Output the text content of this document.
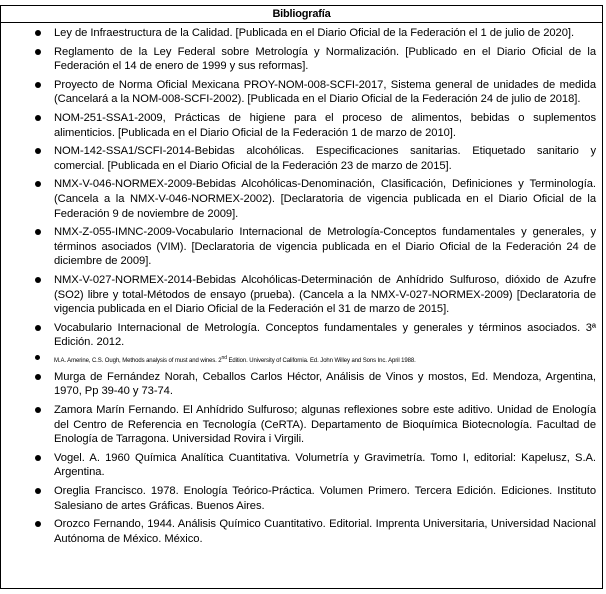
Bibliografía
Ley de Infraestructura de la Calidad. [Publicada en el Diario Oficial de la Federación el 1 de julio de 2020].
Reglamento de la Ley Federal sobre Metrología y Normalización. [Publicado en el Diario Oficial de la Federación el 14 de enero de 1999 y sus reformas].
Proyecto de Norma Oficial Mexicana PROY-NOM-008-SCFI-2017, Sistema general de unidades de medida (Cancelará a la NOM-008-SCFI-2002). [Publicada en el Diario Oficial de la Federación 24 de julio de 2018].
NOM-251-SSA1-2009, Prácticas de higiene para el proceso de alimentos, bebidas o suplementos alimenticios. [Publicada en el Diario Oficial de la Federación 1 de marzo de 2010].
NOM-142-SSA1/SCFI-2014-Bebidas alcohólicas. Especificaciones sanitarias. Etiquetado sanitario y comercial. [Publicada en el Diario Oficial de la Federación 23 de marzo de 2015].
NMX-V-046-NORMEX-2009-Bebidas Alcohólicas-Denominación, Clasificación, Definiciones y Terminología. (Cancela a la NMX-V-046-NORMEX-2002). [Declaratoria de vigencia publicada en el Diario Oficial de la Federación 9 de noviembre de 2009].
NMX-Z-055-IMNC-2009-Vocabulario Internacional de Metrología-Conceptos fundamentales y generales, y términos asociados (VIM). [Declaratoria de vigencia publicada en el Diario Oficial de la Federación 24 de diciembre de 2009].
NMX-V-027-NORMEX-2014-Bebidas Alcohólicas-Determinación de Anhídrido Sulfuroso, dióxido de Azufre (SO2) libre y total-Métodos de ensayo (prueba). (Cancela a la NMX-V-027-NORMEX-2009) [Declaratoria de vigencia publicada en el Diario Oficial de la Federación el 31 de marzo de 2015].
Vocabulario Internacional de Metrología. Conceptos fundamentales y generales y términos asociados. 3ª Edición. 2012.
M.A. Amerine, C.S. Ough, Methods analysis of must and wines. 2nd Edition. University of California. Ed. John Willey and Sons Inc. April 1988.
Murga de Fernández Norah, Ceballos Carlos Héctor, Análisis de Vinos y mostos, Ed. Mendoza, Argentina, 1970, Pp 39-40 y 73-74.
Zamora Marín Fernando. El Anhídrido Sulfuroso; algunas reflexiones sobre este aditivo. Unidad de Enología del Centro de Referencia en Tecnología (CeRTA). Departamento de Bioquímica Biotecnología. Facultad de Enología de Tarragona. Universidad Rovira i Virgili.
Vogel. A. 1960 Química Analítica Cuantitativa. Volumetría y Gravimetría. Tomo I, editorial: Kapelusz, S.A. Argentina.
Oreglia Francisco. 1978. Enología Teórico-Práctica. Volumen Primero. Tercera Edición. Ediciones. Instituto Salesiano de artes Gráficas. Buenos Aires.
Orozco Fernando, 1944. Análisis Químico Cuantitativo. Editorial. Imprenta Universitaria, Universidad Nacional Autónoma de México. México.
